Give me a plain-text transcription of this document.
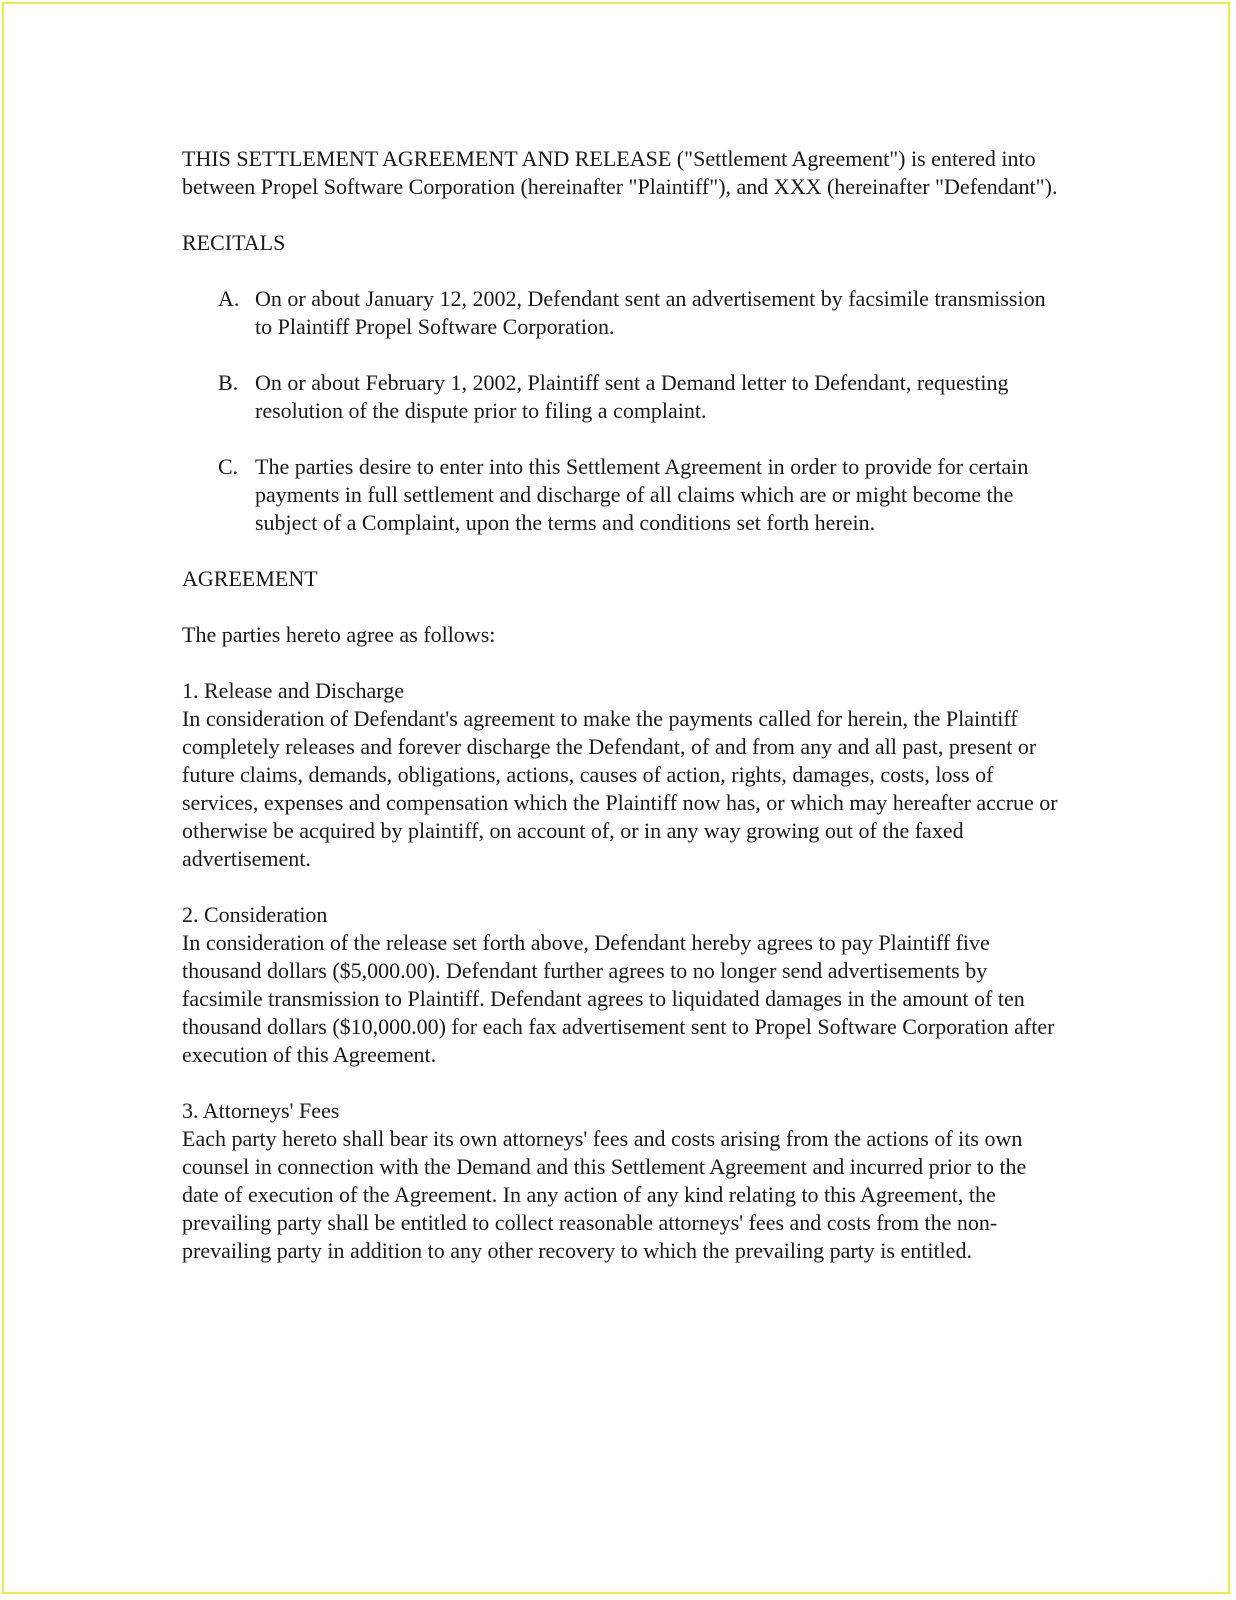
THIS SETTLEMENT AGREEMENT AND RELEASE ("Settlement Agreement") is entered into between Propel Software Corporation (hereinafter "Plaintiff"), and XXX (hereinafter "Defendant").

RECITALS

A. On or about January 12, 2002, Defendant sent an advertisement by facsimile transmission to Plaintiff Propel Software Corporation.
B. On or about February 1, 2002, Plaintiff sent a Demand letter to Defendant, requesting resolution of the dispute prior to filing a complaint.
C. The parties desire to enter into this Settlement Agreement in order to provide for certain payments in full settlement and discharge of all claims which are or might become the subject of a Complaint, upon the terms and conditions set forth herein.

AGREEMENT

The parties hereto agree as follows:

1. Release and Discharge

In consideration of Defendant's agreement to make the payments called for herein, the Plaintiff completely releases and forever discharge the Defendant, of and from any and all past, present or future claims, demands, obligations, actions, causes of action, rights, damages, costs, loss of services, expenses and compensation which the Plaintiff now has, or which may hereafter accrue or otherwise be acquired by plaintiff, on account of, or in any way growing out of the faxed advertisement.

2. Consideration

In consideration of the release set forth above, Defendant hereby agrees to pay Plaintiff five thousand dollars ($5,000.00). Defendant further agrees to no longer send advertisements by facsimile transmission to Plaintiff. Defendant agrees to liquidated damages in the amount of ten thousand dollars ($10,000.00) for each fax advertisement sent to Propel Software Corporation after execution of this Agreement.

3. Attorneys' Fees

Each party hereto shall bear its own attorneys' fees and costs arising from the actions of its own counsel in connection with the Demand and this Settlement Agreement and incurred prior to the date of execution of the Agreement. In any action of any kind relating to this Agreement, the prevailing party shall be entitled to collect reasonable attorneys' fees and costs from the non-prevailing party in addition to any other recovery to which the prevailing party is entitled.
